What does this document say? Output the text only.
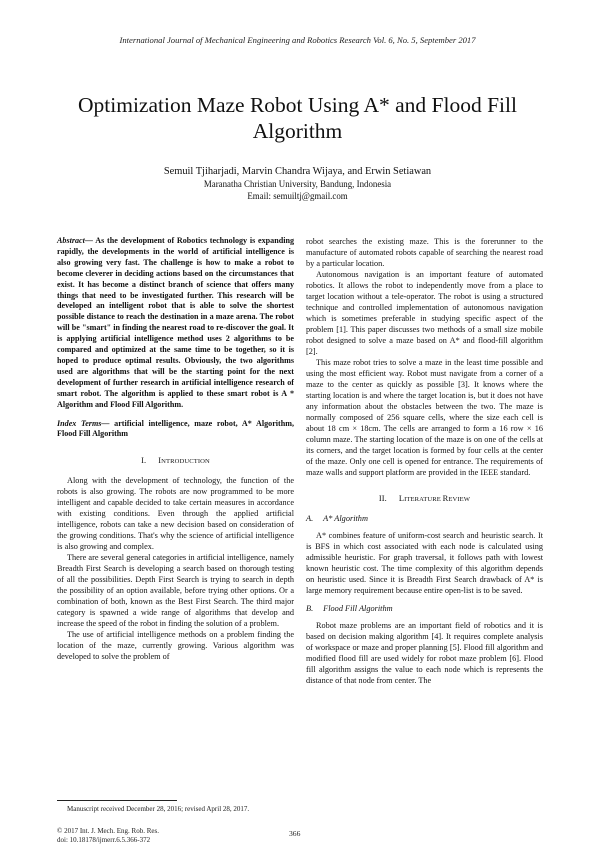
International Journal of Mechanical Engineering and Robotics Research Vol. 6, No. 5, September 2017
Optimization Maze Robot Using A* and Flood Fill Algorithm
Semuil Tjiharjadi, Marvin Chandra Wijaya, and Erwin Setiawan
Maranatha Christian University, Bandung, Indonesia
Email: semuiltj@gmail.com

Abstract— As the development of Robotics technology is expanding rapidly, the developments in the world of artificial intelligence is also growing very fast. The challenge is how to make a robot to become cleverer in deciding actions based on the circumstances that exist. It has become a distinct branch of science that offers many things that need to be investigated further. This research will be developed an intelligent robot that is able to solve the shortest possible distance to reach the destination in a maze arena. The robot will be "smart" in finding the nearest road to re-discover the goal. It is applying artificial intelligence method uses 2 algorithms to be compared and optimized at the same time to be together, so it is hoped to produce optimal results. Obviously, the two algorithms used are algorithms that will be the starting point for the next development of further research in artificial intelligence research of smart robot. The algorithm is applied to these smart robot is A * Algorithm and Flood Fill Algorithm.

Index Terms— artificial intelligence, maze robot, A* Algorithm, Flood Fill Algorithm

I. INTRODUCTION

Along with the development of technology, the function of the robots is also growing. The robots are now programmed to be more intelligent and capable decided to take certain measures in accordance with existing conditions. Even through the applied artificial intelligence, robots can take a new decision based on consideration of the growing conditions. That's why the science of artificial intelligence is also growing and complex.

There are several general categories in artificial intelligence, namely Breadth First Search is developing a search based on thorough testing of all the possibilities. Depth First Search is trying to search in depth the possibility of an option available, before trying other options. Or a combination of both, known as the Best First Search. The third major category is spawned a wide range of algorithms that develop and increase the speed of the robot in finding the solution of a problem.

The use of artificial intelligence methods on a problem finding the location of the maze, currently growing. Various algorithm was developed to solve the problem of

robot searches the existing maze. This is the forerunner to the manufacture of automated robots capable of searching the nearest road by a particular location.

Autonomous navigation is an important feature of automated robotics. It allows the robot to independently move from a place to target location without a tele-operator. The robot is using a structured technique and controlled implementation of autonomous navigation which is sometimes preferable in studying specific aspect of the problem [1]. This paper discusses two methods of a small size mobile robot designed to solve a maze based on A* and flood-fill algorithm [2].

This maze robot tries to solve a maze in the least time possible and using the most efficient way. Robot must navigate from a corner of a maze to the center as quickly as possible [3]. It knows where the starting location is and where the target location is, but it does not have any information about the obstacles between the two. The maze is normally composed of 256 square cells, where the size each cell is about 18 cm × 18cm. The cells are arranged to form a 16 row × 16 column maze. The starting location of the maze is on one of the cells at its corners, and the target location is formed by four cells at the center of the maze. Only one cell is opened for entrance. The requirements of maze walls and support platform are provided in the IEEE standard.

II. LITERATURE REVIEW
A. A* Algorithm

A* combines feature of uniform-cost search and heuristic search. It is BFS in which cost associated with each node is calculated using admissible heuristic. For graph traversal, it follows path with lowest known heuristic cost. The time complexity of this algorithm depends on heuristic used. Since it is Breadth First Search drawback of A* is large memory requirement because entire open-list is to be saved.

B. Flood Fill Algorithm

Robot maze problems are an important field of robotics and it is based on decision making algorithm [4]. It requires complete analysis of workspace or maze and proper planning [5]. Flood fill algorithm and modified flood fill are used widely for robot maze problem [6]. Flood fill algorithm assigns the value to each node which is represents the distance of that node from center. The

Manuscript received December 28, 2016; revised April 28, 2017.
© 2017 Int. J. Mech. Eng. Rob. Res.
doi: 10.18178/ijmerr.6.5.366-372
366
